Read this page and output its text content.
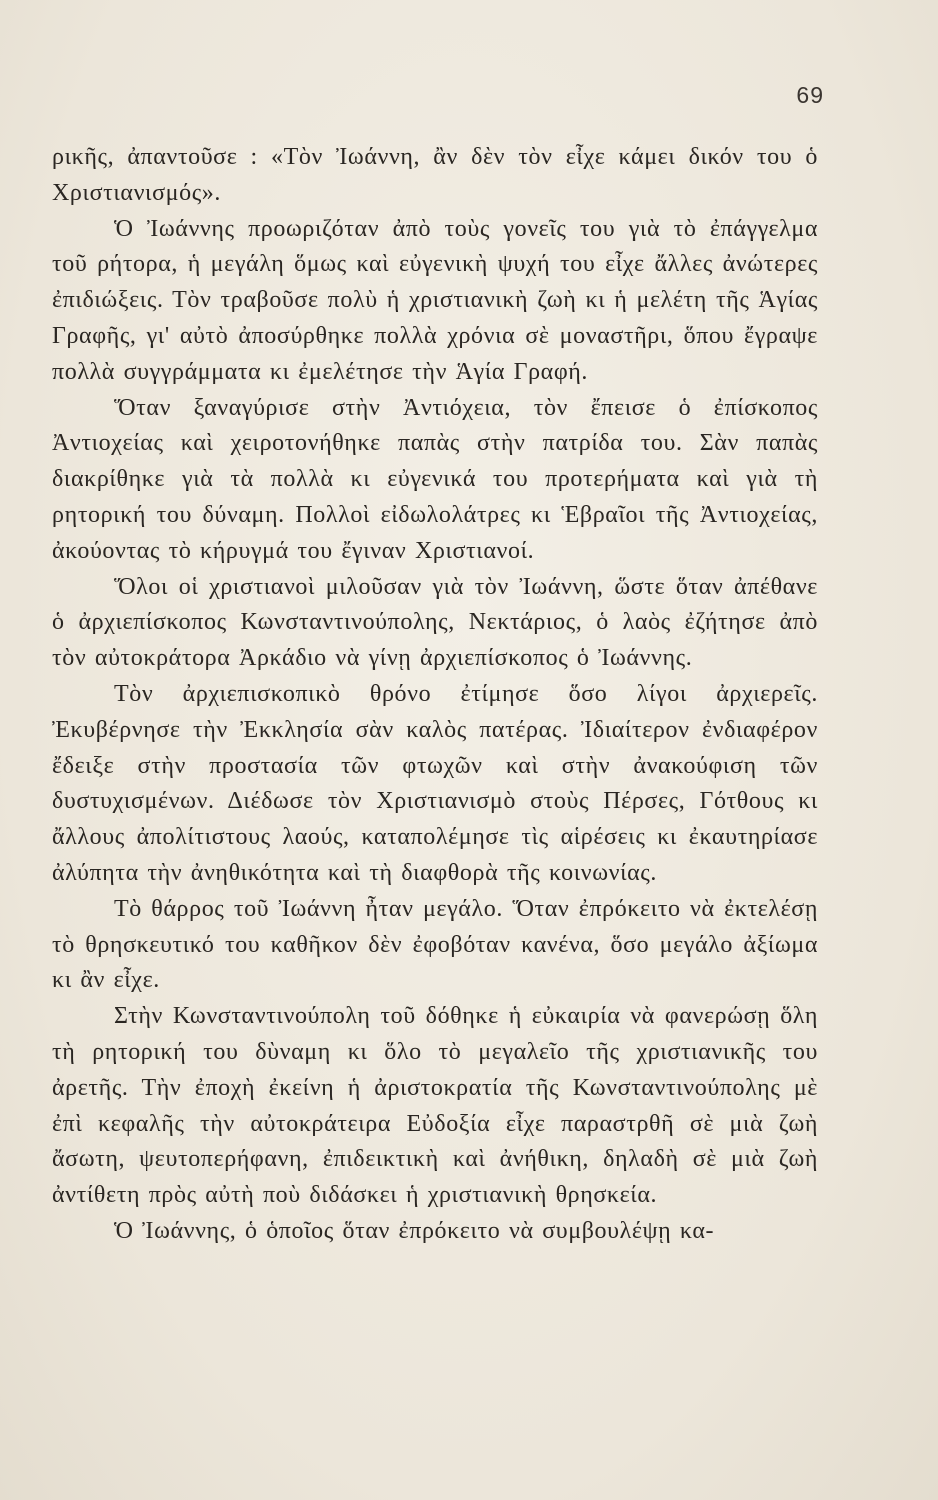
69

ρικῆς, ἀπαντοῦσε : «Τὸν Ἰωάννη, ἂν δὲν τὸν εἶχε κάμει δικόν του ὁ Χριστιανισμός».

Ὁ Ἰωάννης προωριζόταν ἀπὸ τοὺς γονεῖς του γιὰ τὸ ἐπάγγελμα τοῦ ρήτορα, ἡ μεγάλη ὅμως καὶ εὐγενικὴ ψυχή του εἶχε ἄλλες ἀνώτερες ἐπιδιώξεις. Τὸν τραβοῦσε πολὺ ἡ χριστιανικὴ ζωὴ κι ἡ μελέτη τῆς Ἁγίας Γραφῆς, γι' αὐτὸ ἀποσύρθηκε πολλὰ χρόνια σὲ μοναστῆρι, ὅπου ἔγραψε πολλὰ συγγράμματα κι ἐμελέτησε τὴν Ἁγία Γραφή.

Ὅταν ξαναγύρισε στὴν Ἀντιόχεια, τὸν ἔπεισε ὁ ἐπίσκοπος Ἀντιοχείας καὶ χειροτονήθηκε παπὰς στὴν πατρίδα του. Σὰν παπὰς διακρίθηκε γιὰ τὰ πολλὰ κι εὐγενικά του προτερήματα καὶ γιὰ τὴ ρητορική του δύναμη. Πολλοὶ εἰδωλολάτρες κι Ἑβραῖοι τῆς Ἀντιοχείας, ἀκούοντας τὸ κήρυγμά του ἔγιναν Χριστιανοί.

Ὅλοι οἱ χριστιανοὶ μιλοῦσαν γιὰ τὸν Ἰωάννη, ὥστε ὅταν ἀπέθανε ὁ ἀρχιεπίσκοπος Κωνσταντινούπολης, Νεκτάριος, ὁ λαὸς ἐζήτησε ἀπὸ τὸν αὐτοκράτορα Ἀρκάδιο νὰ γίνῃ ἀρχιεπίσκοπος ὁ Ἰωάννης.

Τὸν ἀρχιεπισκοπικὸ θρόνο ἐτίμησε ὅσο λίγοι ἀρχιερεῖς. Ἐκυβέρνησε τὴν Ἐκκλησία σὰν καλὸς πατέρας. Ἰδιαίτερον ἐνδιαφέρον ἔδειξε στὴν προστασία τῶν φτωχῶν καὶ στὴν ἀνακούφιση τῶν δυστυχισμένων. Διέδωσε τὸν Χριστιανισμὸ στοὺς Πέρσες, Γότθους κι ἄλλους ἀπολίτιστους λαούς, καταπολέμησε τὶς αἱρέσεις κι ἐκαυτηρίασε ἀλύπητα τὴν ἀνηθικότητα καὶ τὴ διαφθορὰ τῆς κοινωνίας.

Τὸ θάρρος τοῦ Ἰωάννη ἦταν μεγάλο. Ὅταν ἐπρόκειτο νὰ ἐκτελέσῃ τὸ θρησκευτικό του καθῆκον δὲν ἐφοβόταν κανένα, ὅσο μεγάλο ἀξίωμα κι ἂν εἶχε.

Στὴν Κωνσταντινούπολη τοῦ δόθηκε ἡ εὐκαιρία νὰ φανερώσῃ ὅλη τὴ ρητορική του δὺναμη κι ὅλο τὸ μεγαλεῖο τῆς χριστιανικῆς του ἀρετῆς. Τὴν ἐποχὴ ἐκείνη ἡ ἀριστοκρατία τῆς Κωνσταντινούπολης μὲ ἐπὶ κεφαλῆς τὴν αὐτοκράτειρα Εὐδοξία εἶχε παραστρθῆ σὲ μιὰ ζωὴ ἄσωτη, ψευτοπερήφανη, ἐπιδεικτικὴ καὶ ἀνήθικη, δηλαδὴ σὲ μιὰ ζωὴ ἀντίθετη πρὸς αὐτὴ ποὺ διδάσκει ἡ χριστιανικὴ θρησκεία.

Ὁ Ἰωάννης, ὁ ὁποῖος ὅταν ἐπρόκειτο νὰ συμβουλέψῃ κα-
